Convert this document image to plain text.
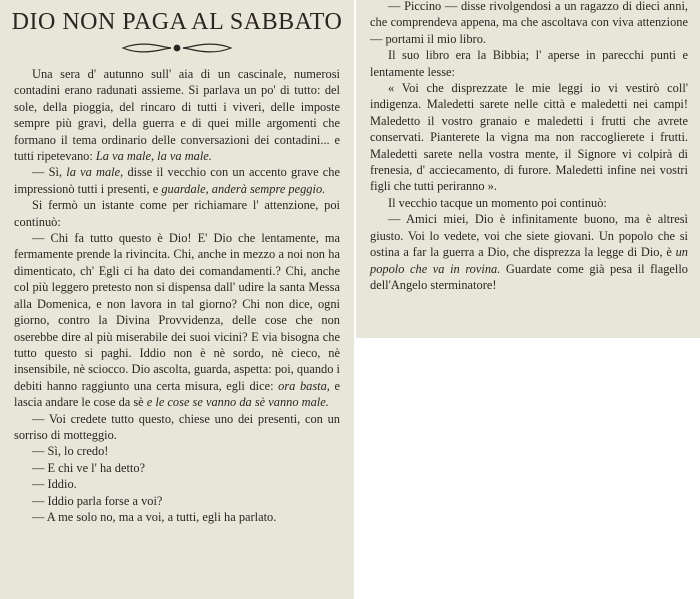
DIO NON PAGA AL SABBATO

Una sera d' autunno sull' aia di un cascinale, numerosi contadini erano radunati assieme. Si parlava un po' di tutto: del sole, della pioggia, del rincaro di tutti i viveri, delle imposte sempre più gravi, della guerra e di quei mille argomenti che formano il tema ordinario delle conversazioni dei contadini... e tutti ripetevano: La va male, la va male.

— Sì, la va male, disse il vecchio con un accento grave che impressionò tutti i presenti, e guardale, anderà sempre peggio.

Si fermò un istante come per richiamare l' attenzione, poi continuò:

— Chi fa tutto questo è Dio! E' Dio che lentamente, ma fermamente prende la rivincita. Chi, anche in mezzo a noi non ha dimenticato, ch' Egli ci ha dato dei comandamenti.? Chi, anche col più leggero pretesto non si dispensa dall' udire la santa Messa alla Domenica, e non lavora in tal giorno? Chi non dice, ogni giorno, contro la Divina Provvidenza, delle cose che non oserebbe dire al più miserabile dei suoi vicini? E via bisogna che tutto questo si paghi. Iddio non è nè sordo, nè cieco, nè insensibile, nè sciocco. Dio ascolta, guarda, aspetta: poi, quando i debiti hanno raggiunto una certa misura, egli dice: ora basta, e lascia andare le cose da sè e le cose se vanno da sè vanno male.

— Voi credete tutto questo, chiese uno dei presenti, con un sorriso di motteggio.

— Sì, lo credo!

— E chi ve l' ha detto?

— Iddio.

— Iddio parla forse a voi?

— A me solo no, ma a voi, a tutti, egli ha parlato.

— Piccino — disse rivolgendosi a un ragazzo di dieci anni, che comprendeva appena, ma che ascoltava con viva attenzione — portami il mio libro.

Il suo libro era la Bibbia; l' aperse in parecchi punti e lentamente lesse:

« Voi che disprezzate le mie leggi io vi vestirò coll' indigenza. Maledetti sarete nelle città e maledetti nei campi! Maledetto il vostro granaio e maledetti i frutti che avrete conservati. Pianterete la vigna ma non raccoglierete i frutti. Maledetti sarete nella vostra mente, il Signore vi colpirà di frenesia, d' acciecamento, di furore. Maledetti infine nei vostri figli che tutti periranno ».

Il vecchio tacque un momento poi continuò:

— Amici miei, Dio è infinitamente buono, ma è altresì giusto. Voi lo vedete, voi che siete giovani. Un popolo che si ostina a far la guerra a Dio, che disprezza la legge di Dio, è un popolo che va in rovina. Guardate come già pesa il flagello dell'Angelo sterminatore!
